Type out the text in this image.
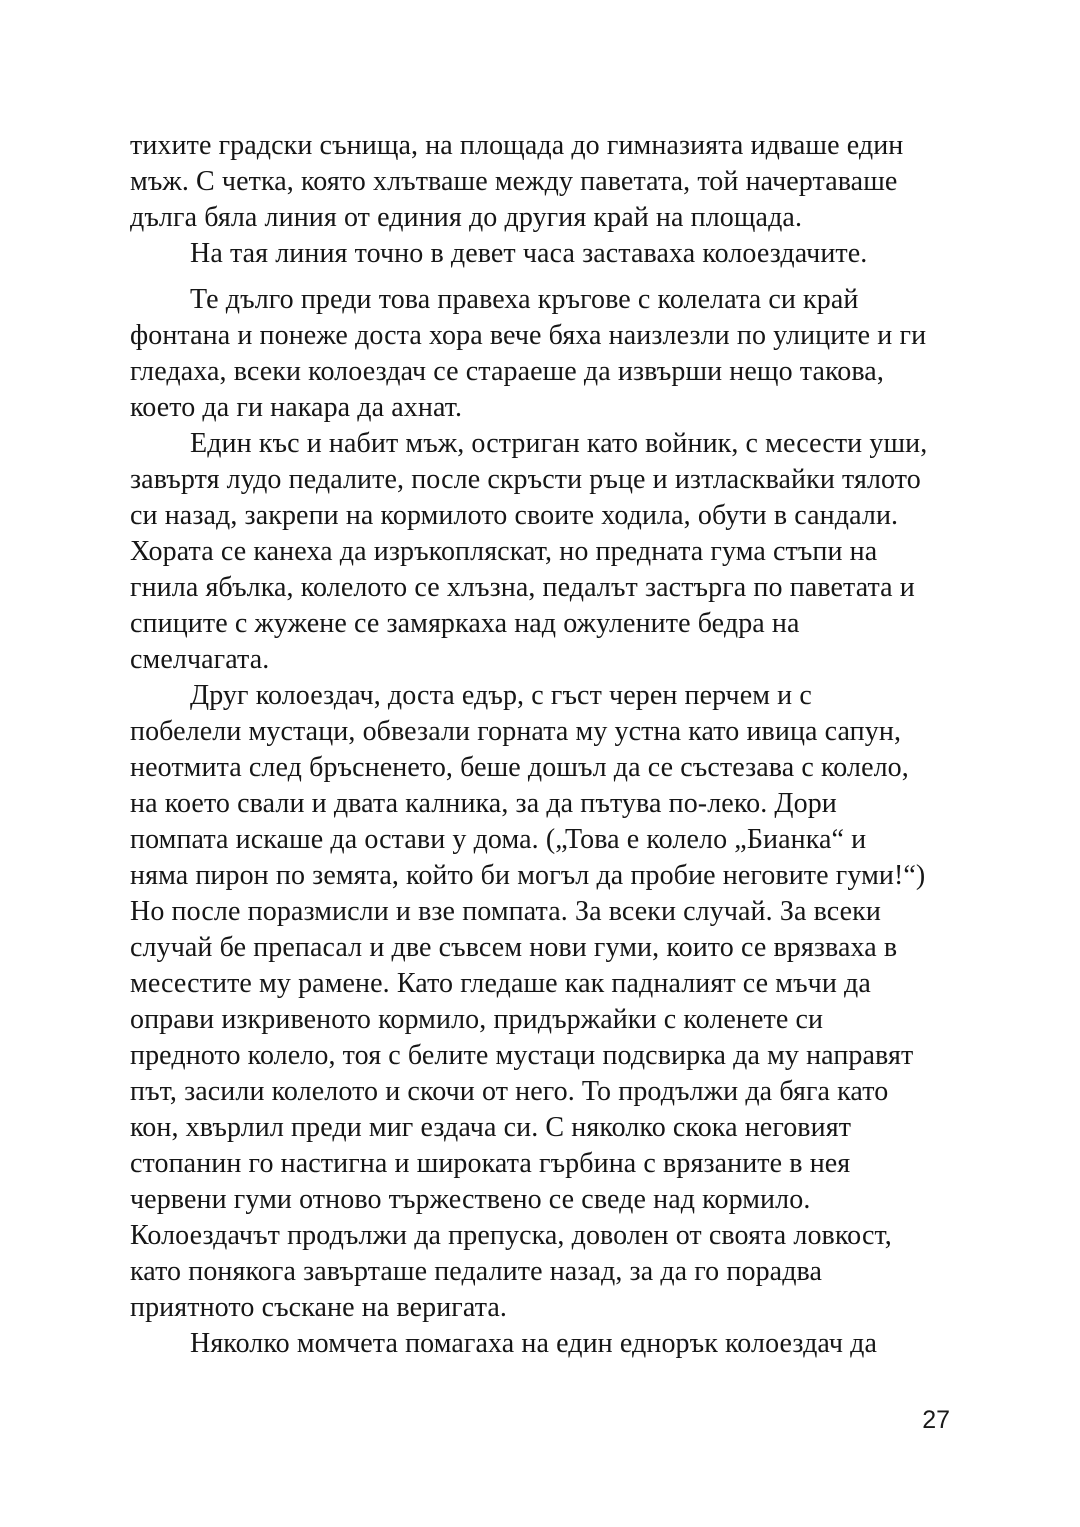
тихите градски сънища, на площада до гимназията идваше един
мъж. С четка, която хлътваше между паветата, той начертаваше
дълга бяла линия от единия до другия край на площада.
На тая линия точно в девет часа заставаха колоездачите.
Те дълго преди това правеха кръгове с колелата си край
фонтана и понеже доста хора вече бяха наизлезли по улиците и ги
гледаха, всеки колоездач се стараеше да извърши нещо такова,
което да ги накара да ахнат.
Един къс и набит мъж, остриган като войник, с месести уши,
завъртя лудо педалите, после скръсти ръце и изтласквайки тялото
си назад, закрепи на кормилото своите ходила, обути в сандали.
Хората се канеха да изръкопляскат, но предната гума стъпи на
гнила ябълка, колелото се хлъзна, педалът застърга по паветата и
спиците с жужене се замяркаха над ожулените бедра на
смелчагата.
Друг колоездач, доста едър, с гъст черен перчем и с
побелели мустаци, обвезали горната му устна като ивица сапун,
неотмита след бръсненето, беше дошъл да се състезава с колело,
на което свали и двата калника, за да пътува по-леко. Дори
помпата искаше да остави у дома. („Това е колело „Бианка“ и
няма пирон по земята, който би могъл да пробие неговите гуми!“)
Но после поразмисли и взе помпата. За всеки случай. За всеки
случай бе препасал и две съвсем нови гуми, които се врязваха в
месестите му рамене. Като гледаше как падналият се мъчи да
оправи изкривеното кормило, придържайки с коленете си
предното колело, тоя с белите мустаци подсвирка да му направят
път, засили колелото и скочи от него. То продължи да бяга като
кон, хвърлил преди миг ездача си. С няколко скока неговият
стопанин го настигна и широката гърбина с врязаните в нея
червени гуми отново тържествено се сведе над кормило.
Колоездачът продължи да препуска, доволен от своята ловкост,
като понякога завърташе педалите назад, за да го порадва
приятното съскане на веригата.
Няколко момчета помагаха на един еднорък колоездач да
27
